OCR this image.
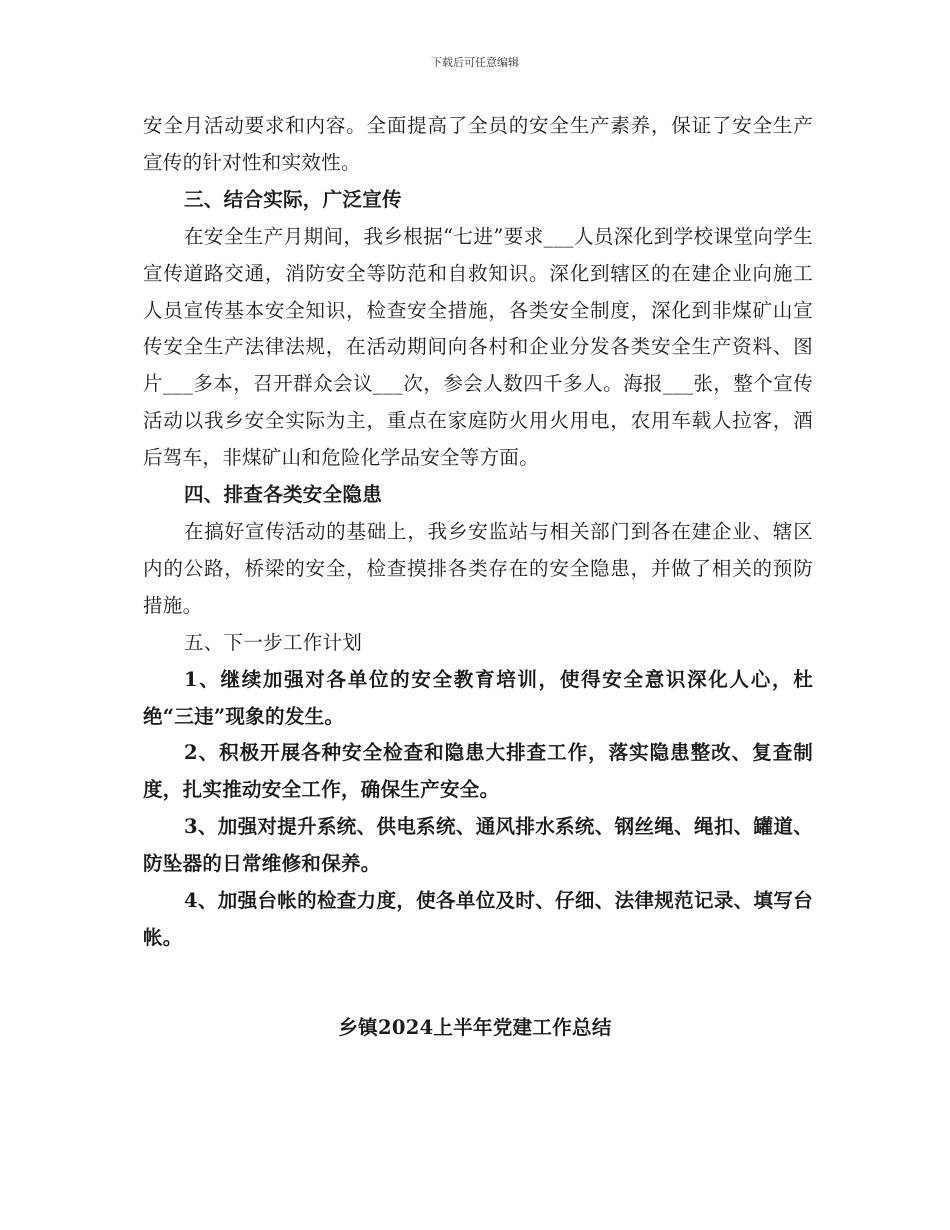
下载后可任意编辑

安全月活动要求和内容。全面提高了全员的安全生产素养，保证了安全生产宣传的针对性和实效性。

三、结合实际，广泛宣传

在安全生产月期间，我乡根据“七进”要求___人员深化到学校课堂向学生宣传道路交通，消防安全等防范和自救知识。深化到辖区的在建企业向施工人员宣传基本安全知识，检查安全措施，各类安全制度，深化到非煤矿山宣传安全生产法律法规，在活动期间向各村和企业分发各类安全生产资料、图片___多本，召开群众会议___次，参会人数四千多人。海报___张，整个宣传活动以我乡安全实际为主，重点在家庭防火用火用电，农用车载人拉客，酒后驾车，非煤矿山和危险化学品安全等方面。

四、排查各类安全隐患

在搞好宣传活动的基础上，我乡安监站与相关部门到各在建企业、辖区内的公路，桥梁的安全，检查摸排各类存在的安全隐患，并做了相关的预防措施。

五、下一步工作计划

1、继续加强对各单位的安全教育培训，使得安全意识深化人心，杜绝“三违”现象的发生。

2、积极开展各种安全检查和隐患大排查工作，落实隐患整改、复查制度，扎实推动安全工作，确保生产安全。

3、加强对提升系统、供电系统、通风排水系统、钢丝绳、绳扣、罐道、防坠器的日常维修和保养。

4、加强台帐的检查力度，使各单位及时、仔细、法律规范记录、填写台帐。

乡镇2024上半年党建工作总结
